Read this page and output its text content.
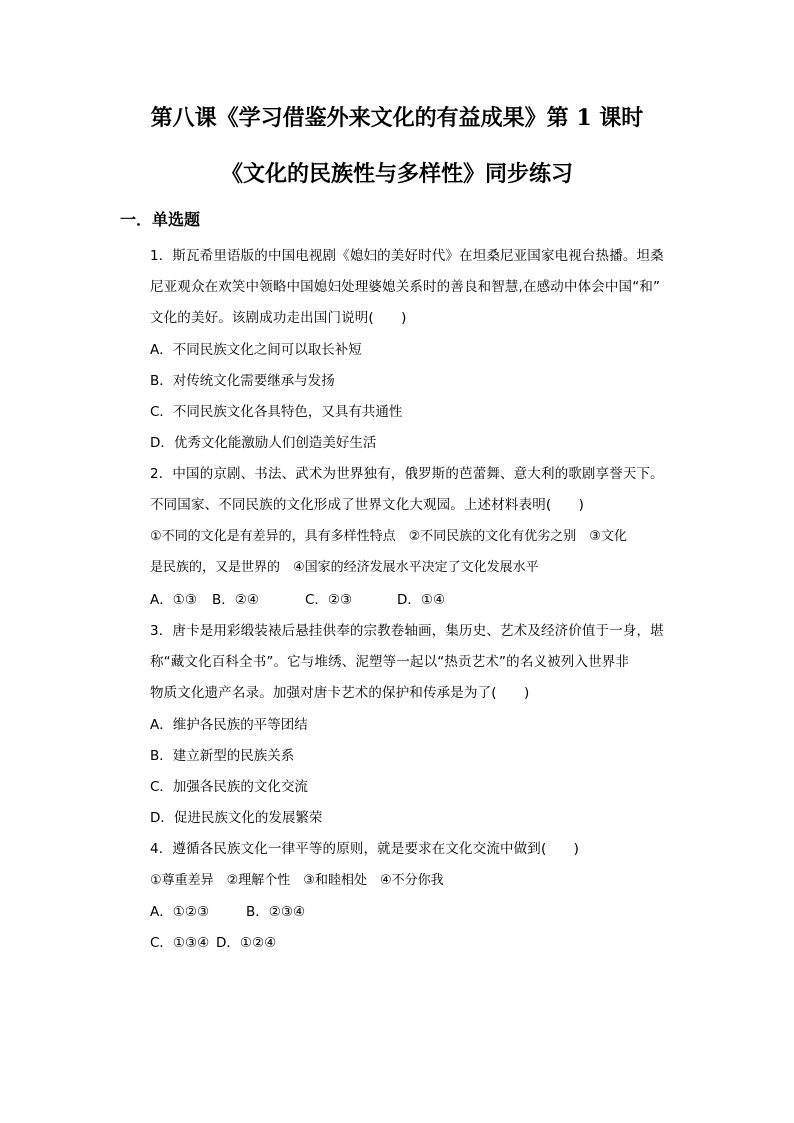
第八课《学习借鉴外来文化的有益成果》第 1 课时
《文化的民族性与多样性》同步练习
一．单选题
1．斯瓦希里语版的中国电视剧《媳妇的美好时代》在坦桑尼亚国家电视台热播。坦桑
尼亚观众在欢笑中领略中国媳妇处理婆媳关系时的善良和智慧,在感动中体会中国“和”
文化的美好。该剧成功走出国门说明(　　)
A．不同民族文化之间可以取长补短
B．对传统文化需要继承与发扬
C．不同民族文化各具特色，又具有共通性
D．优秀文化能激励人们创造美好生活
2．中国的京剧、书法、武术为世界独有，俄罗斯的芭蕾舞、意大利的歌剧享誉天下。
不同国家、不同民族的文化形成了世界文化大观园。上述材料表明(　　)
①不同的文化是有差异的，具有多样性特点　②不同民族的文化有优劣之别　③文化
是民族的，又是世界的　④国家的经济发展水平决定了文化发展水平
A．①③ B．②④	C．②③	D．①④
3．唐卡是用彩缎装裱后悬挂供奉的宗教卷轴画，集历史、艺术及经济价值于一身，堪
称“藏文化百科全书”。它与堆绣、泥塑等一起以“热贡艺术”的名义被列入世界非
物质文化遗产名录。加强对唐卡艺术的保护和传承是为了(　　)
A．维护各民族的平等团结
B．建立新型的民族关系
C．加强各民族的文化交流
D．促进民族文化的发展繁荣
4．遵循各民族文化一律平等的原则，就是要求在文化交流中做到(　　)
①尊重差异　②理解个性　③和睦相处　④不分你我
A．①②③	B．②③④
C．①③④ D．①②④
